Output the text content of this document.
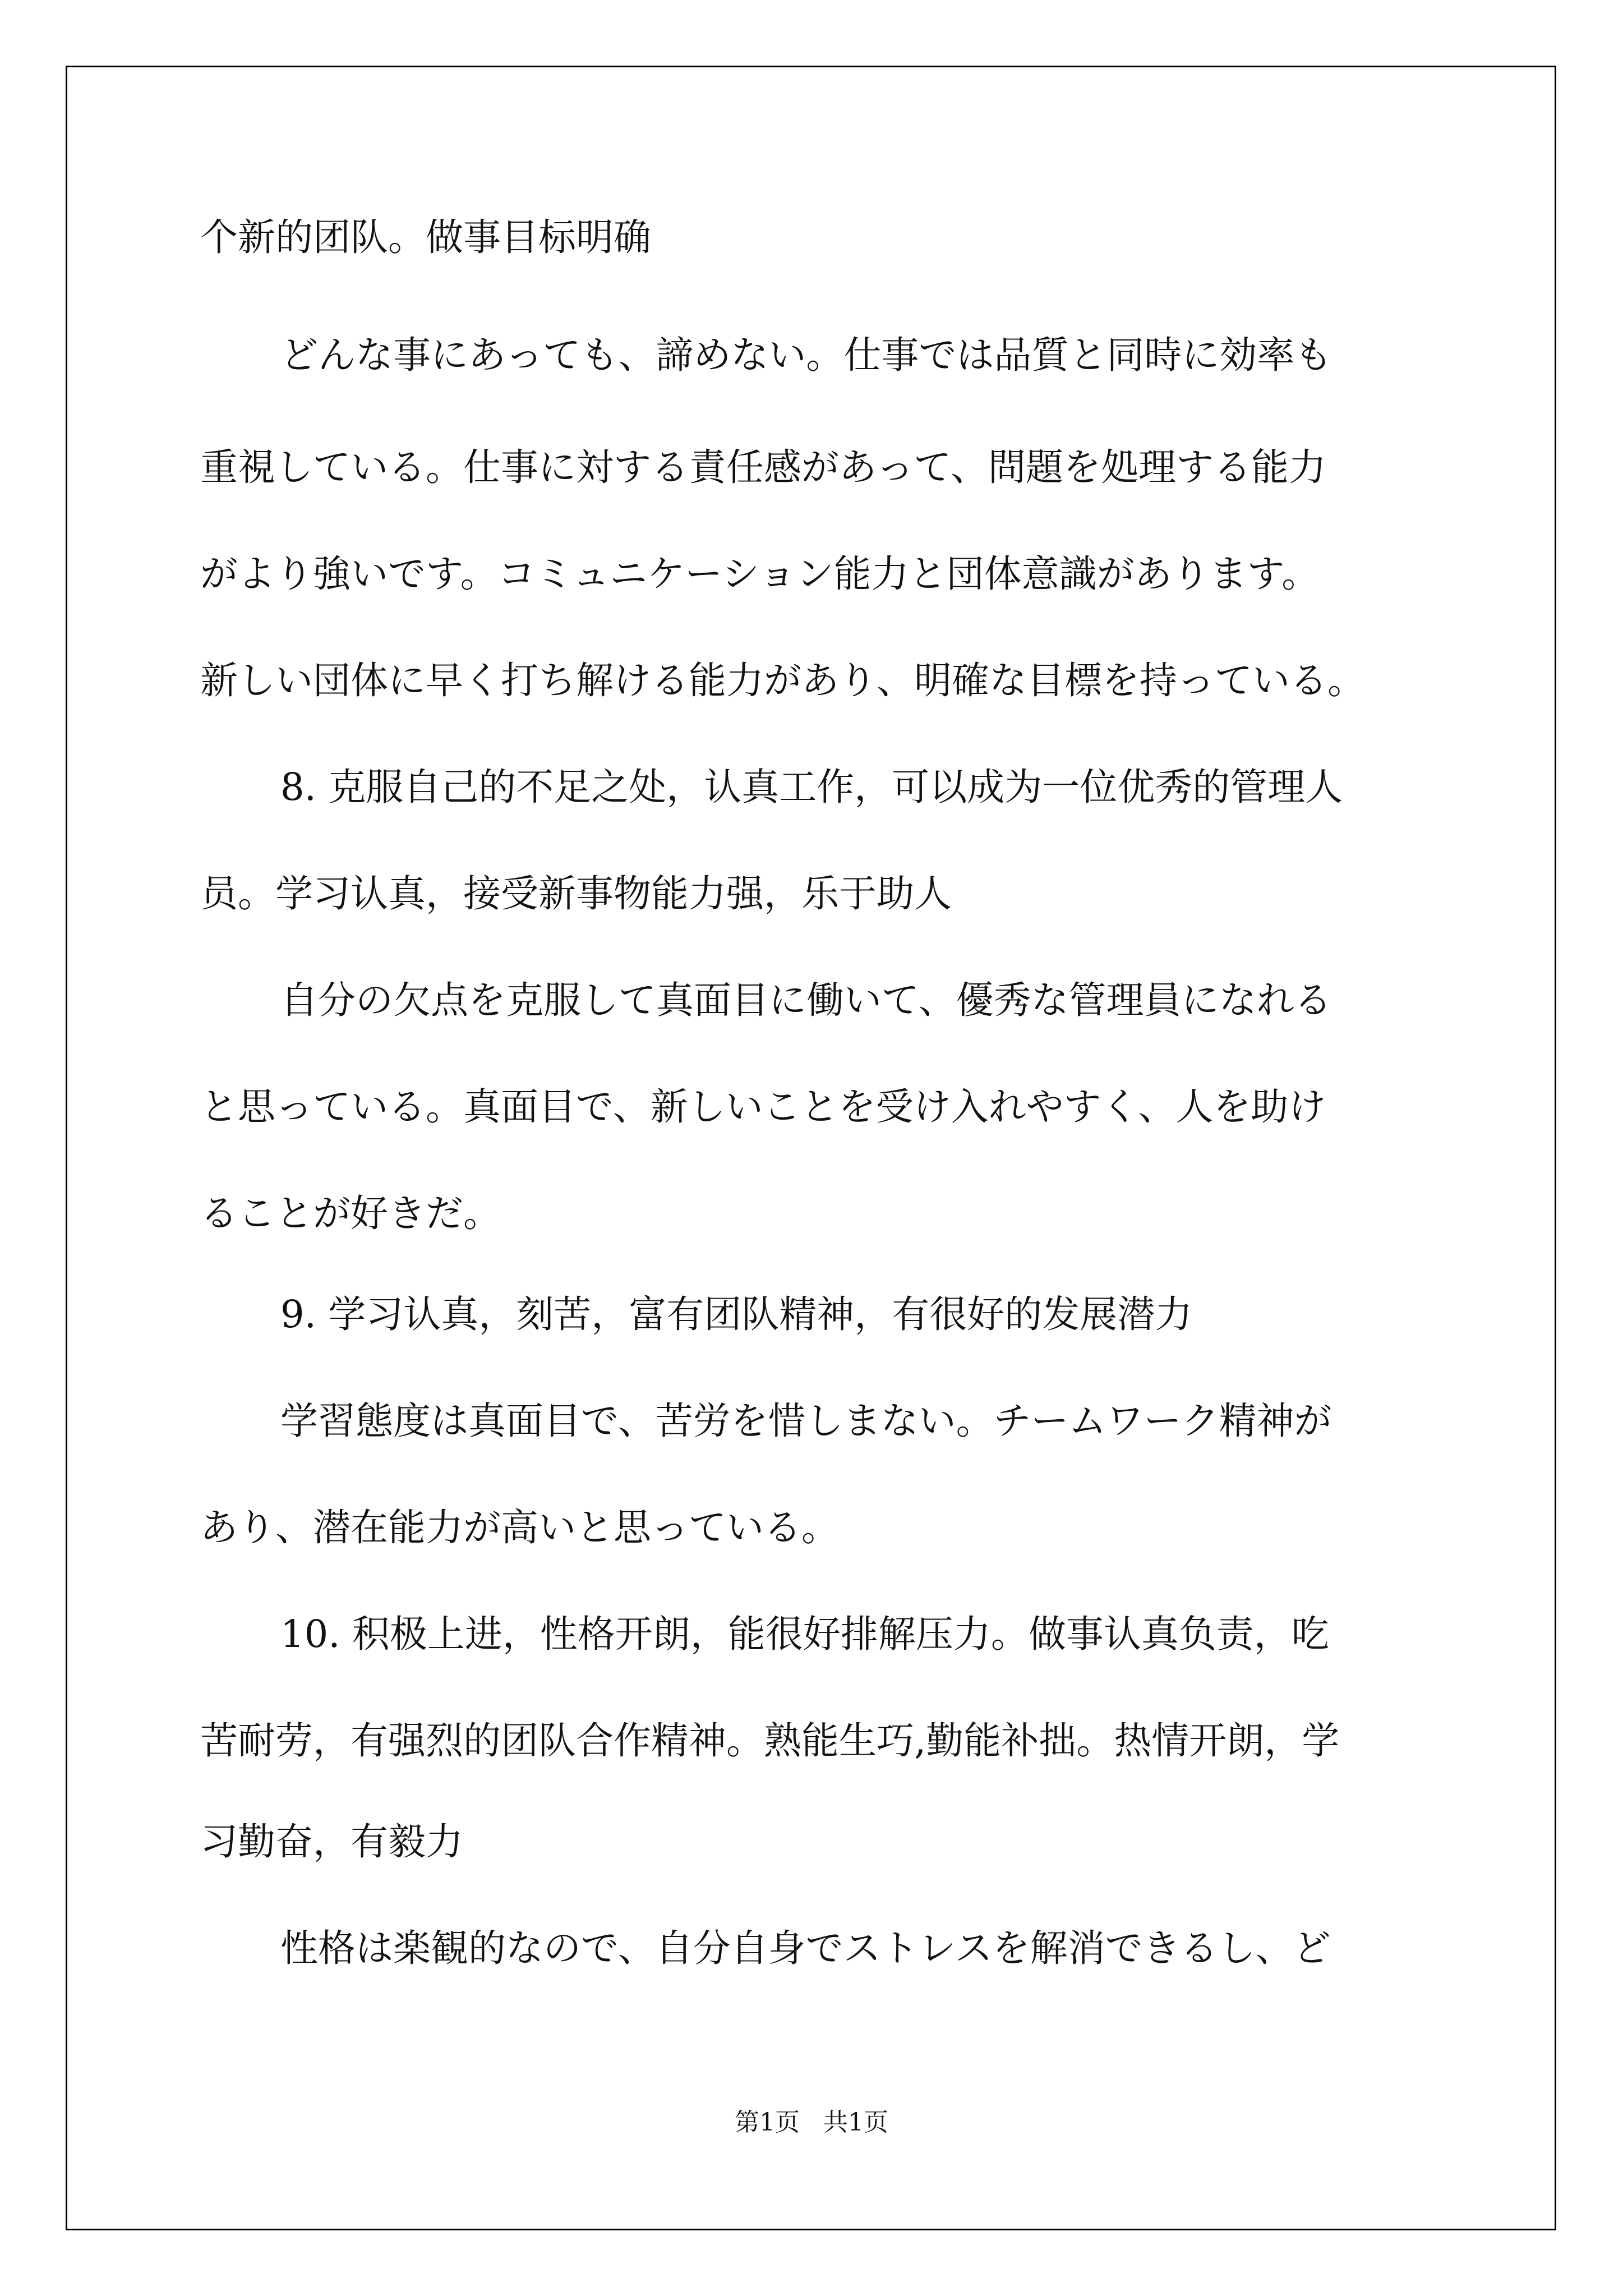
个新的团队。做事目标明确
どんな事にあっても、諦めない。仕事では品質と同時に効率も
重視している。仕事に対する責任感があって、問題を処理する能力
がより強いです。コミュニケーション能力と団体意識があります。
新しい団体に早く打ち解ける能力があり、明確な目標を持っている。
8. 克服自己的不足之处，认真工作，可以成为一位优秀的管理人
员。学习认真，接受新事物能力强，乐于助人
自分の欠点を克服して真面目に働いて、優秀な管理員になれる
と思っている。真面目で、新しいことを受け入れやすく、人を助け
ることが好きだ。
9. 学习认真，刻苦，富有团队精神，有很好的发展潜力
学習態度は真面目で、苦労を惜しまない。チームワーク精神が
あり、潜在能力が高いと思っている。
10. 积极上进，性格开朗，能很好排解压力。做事认真负责，吃
苦耐劳，有强烈的团队合作精神。熟能生巧,勤能补拙。热情开朗，学
习勤奋，有毅力
性格は楽観的なので、自分自身でストレスを解消できるし、ど
第1页   共1页
